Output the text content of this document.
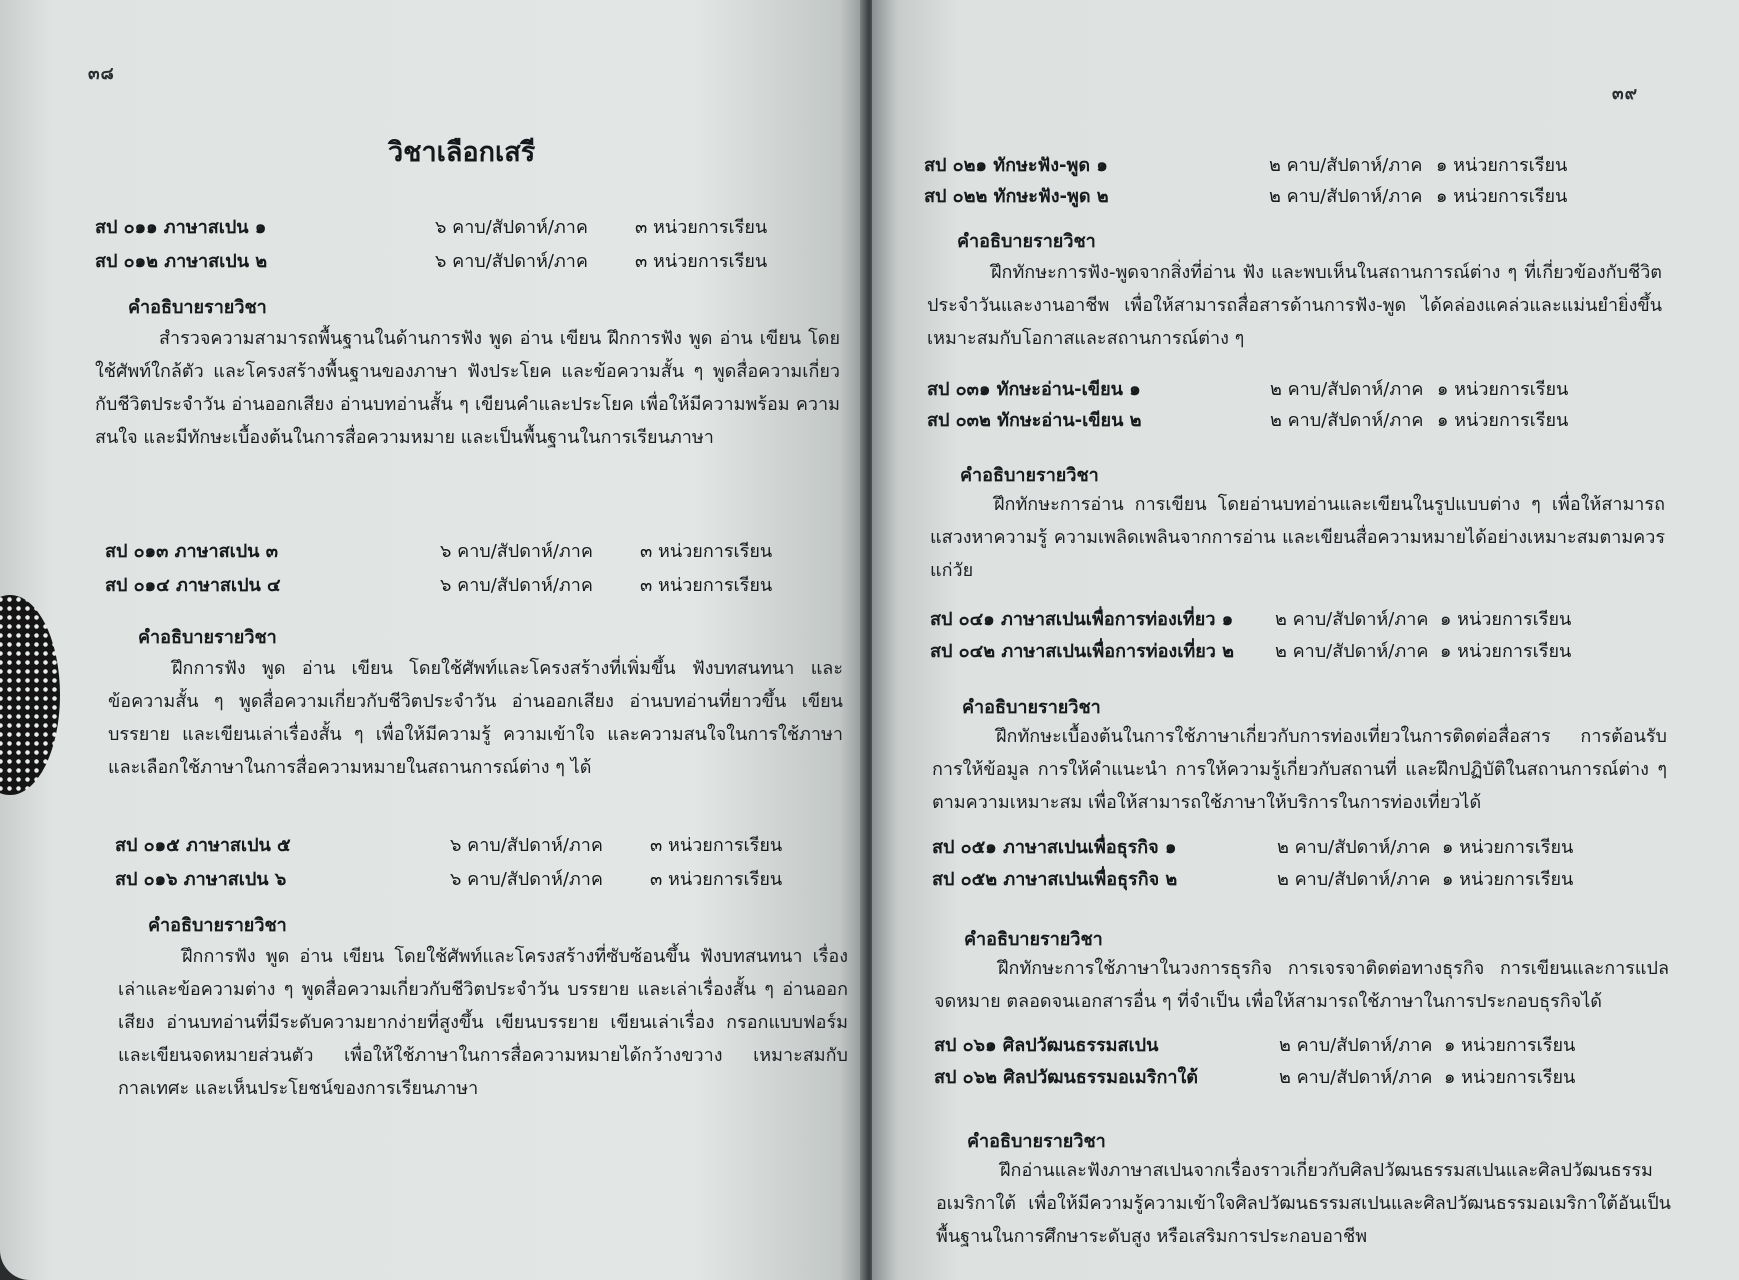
๓๘
วิชาเลือกเสรี
สป ๐๑๑ ภาษาสเปน ๑	๖ คาบ/สัปดาห์/ภาค	๓ หน่วยการเรียน
สป ๐๑๒ ภาษาสเปน ๒	๖ คาบ/สัปดาห์/ภาค	๓ หน่วยการเรียน
คำอธิบายรายวิชา
สำรวจความสามารถพื้นฐานในด้านการฟัง พูด อ่าน เขียน ฝึกการฟัง พูด อ่าน เขียน โดยใช้ศัพท์ใกล้ตัว และโครงสร้างพื้นฐานของภาษา ฟังประโยค และข้อความสั้น ๆ พูดสื่อความเกี่ยวกับชีวิตประจำวัน อ่านออกเสียง อ่านบทอ่านสั้น ๆ เขียนคำและประโยค เพื่อให้มีความพร้อม ความสนใจ และมีทักษะเบื้องต้นในการสื่อความหมาย และเป็นพื้นฐานในการเรียนภาษา
สป ๐๑๓ ภาษาสเปน ๓	๖ คาบ/สัปดาห์/ภาค	๓ หน่วยการเรียน
สป ๐๑๔ ภาษาสเปน ๔	๖ คาบ/สัปดาห์/ภาค	๓ หน่วยการเรียน
คำอธิบายรายวิชา
ฝึกการฟัง พูด อ่าน เขียน โดยใช้ศัพท์และโครงสร้างที่เพิ่มขึ้น ฟังบทสนทนา และข้อความสั้น ๆ พูดสื่อความเกี่ยวกับชีวิตประจำวัน อ่านออกเสียง อ่านบทอ่านที่ยาวขึ้น เขียนบรรยาย และเขียนเล่าเรื่องสั้น ๆ เพื่อให้มีความรู้ ความเข้าใจ และความสนใจในการใช้ภาษาและเลือกใช้ภาษาในการสื่อความหมายในสถานการณ์ต่าง ๆ ได้
สป ๐๑๕ ภาษาสเปน ๕	๖ คาบ/สัปดาห์/ภาค	๓ หน่วยการเรียน
สป ๐๑๖ ภาษาสเปน ๖	๖ คาบ/สัปดาห์/ภาค	๓ หน่วยการเรียน
คำอธิบายรายวิชา
ฝึกการฟัง พูด อ่าน เขียน โดยใช้ศัพท์และโครงสร้างที่ซับซ้อนขึ้น ฟังบทสนทนา เรื่องเล่าและข้อความต่าง ๆ พูดสื่อความเกี่ยวกับชีวิตประจำวัน บรรยาย และเล่าเรื่องสั้น ๆ อ่านออกเสียง อ่านบทอ่านที่มีระดับความยากง่ายที่สูงขึ้น เขียนบรรยาย เขียนเล่าเรื่อง กรอกแบบฟอร์ม และเขียนจดหมายส่วนตัว เพื่อให้ใช้ภาษาในการสื่อความหมายได้กว้างขวาง เหมาะสมกับกาลเทศะ และเห็นประโยชน์ของการเรียนภาษา
๓๙
สป ๐๒๑ ทักษะฟัง-พูด ๑	๒ คาบ/สัปดาห์/ภาค ๑ หน่วยการเรียน
สป ๐๒๒ ทักษะฟัง-พูด ๒	๒ คาบ/สัปดาห์/ภาค ๑ หน่วยการเรียน
คำอธิบายรายวิชา
ฝึกทักษะการฟัง-พูดจากสิ่งที่อ่าน ฟัง และพบเห็นในสถานการณ์ต่าง ๆ ที่เกี่ยวข้องกับชีวิตประจำวันและงานอาชีพ เพื่อให้สามารถสื่อสารด้านการฟัง-พูด ได้คล่องแคล่วและแม่นยำยิ่งขึ้น เหมาะสมกับโอกาสและสถานการณ์ต่าง ๆ
สป ๐๓๑ ทักษะอ่าน-เขียน ๑	๒ คาบ/สัปดาห์/ภาค ๑ หน่วยการเรียน
สป ๐๓๒ ทักษะอ่าน-เขียน ๒	๒ คาบ/สัปดาห์/ภาค ๑ หน่วยการเรียน
คำอธิบายรายวิชา
ฝึกทักษะการอ่าน การเขียน โดยอ่านบทอ่านและเขียนในรูปแบบต่าง ๆ เพื่อให้สามารถแสวงหาความรู้ ความเพลิดเพลินจากการอ่าน และเขียนสื่อความหมายได้อย่างเหมาะสมตามควรแก่วัย
สป ๐๔๑ ภาษาสเปนเพื่อการท่องเที่ยว ๑ ๒ คาบ/สัปดาห์/ภาค ๑ หน่วยการเรียน
สป ๐๔๒ ภาษาสเปนเพื่อการท่องเที่ยว ๒ ๒ คาบ/สัปดาห์/ภาค ๑ หน่วยการเรียน
คำอธิบายรายวิชา
ฝึกทักษะเบื้องต้นในการใช้ภาษาเกี่ยวกับการท่องเที่ยวในการติดต่อสื่อสาร การต้อนรับ การให้ข้อมูล การให้คำแนะนำ การให้ความรู้เกี่ยวกับสถานที่ และฝึกปฏิบัติในสถานการณ์ต่าง ๆ ตามความเหมาะสม เพื่อให้สามารถใช้ภาษาให้บริการในการท่องเที่ยวได้
สป ๐๕๑ ภาษาสเปนเพื่อธุรกิจ ๑	๒ คาบ/สัปดาห์/ภาค ๑ หน่วยการเรียน
สป ๐๕๒ ภาษาสเปนเพื่อธุรกิจ ๒	๒ คาบ/สัปดาห์/ภาค ๑ หน่วยการเรียน
คำอธิบายรายวิชา
ฝึกทักษะการใช้ภาษาในวงการธุรกิจ การเจรจาติดต่อทางธุรกิจ การเขียนและการแปลจดหมาย ตลอดจนเอกสารอื่น ๆ ที่จำเป็น เพื่อให้สามารถใช้ภาษาในการประกอบธุรกิจได้
สป ๐๖๑ ศิลปวัฒนธรรมสเปน	๒ คาบ/สัปดาห์/ภาค ๑ หน่วยการเรียน
สป ๐๖๒ ศิลปวัฒนธรรมอเมริกาใต้	๒ คาบ/สัปดาห์/ภาค ๑ หน่วยการเรียน
คำอธิบายรายวิชา
ฝึกอ่านและฟังภาษาสเปนจากเรื่องราวเกี่ยวกับศิลปวัฒนธรรมสเปนและศิลปวัฒนธรรมอเมริกาใต้ เพื่อให้มีความรู้ความเข้าใจศิลปวัฒนธรรมสเปนและศิลปวัฒนธรรมอเมริกาใต้อันเป็นพื้นฐานในการศึกษาระดับสูง หรือเสริมการประกอบอาชีพ
